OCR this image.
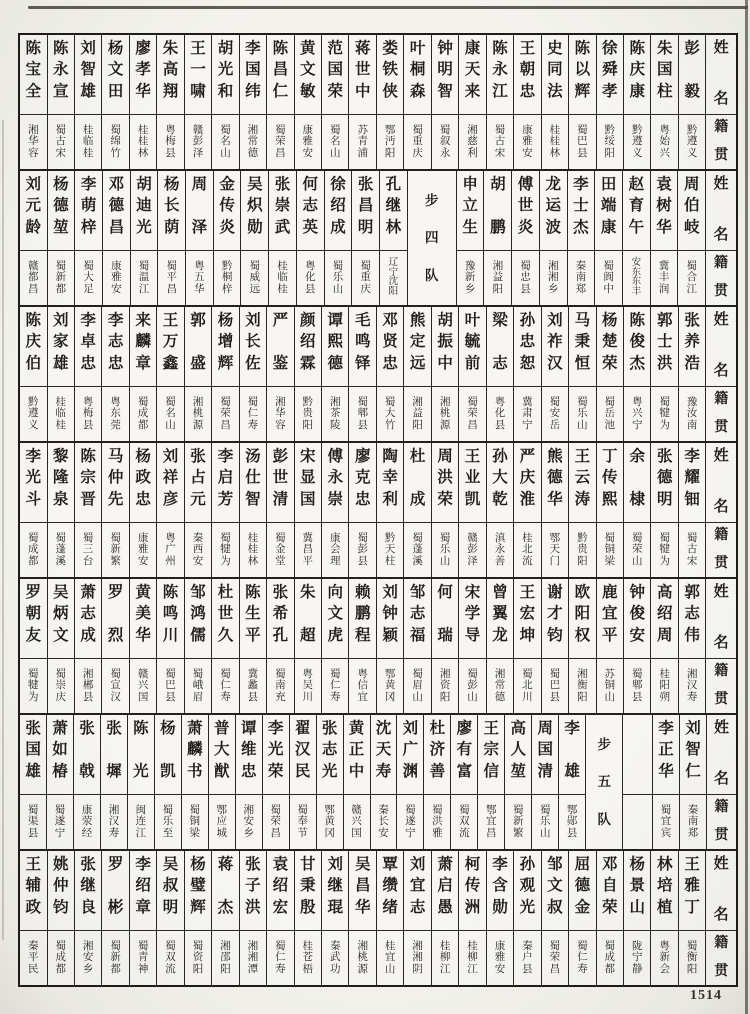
姓
名
籍
贯
彭
毅
黔
遵
义
朱
国
柱
粤
始
兴
陈
庆
康
黔
遵
义
徐
舜
孝
黔
绥
阳
陈
以
辉
蜀
巴
县
史
同
法
桂
桂
林
王
朝
忠
康
雅
安
陈
永
江
蜀
古
宋
康
天
来
湘
慈
利
钟
明
智
蜀
叙
永
叶
桐
森
蜀
重
庆
娄
铁
侠
鄂
沔
阳
蒋
世
中
苏
青
浦
范
国
荣
蜀
名
山
黄
文
敏
康
雅
安
陈
昌
仁
蜀
荣
昌
李
国
纬
湘
常
德
胡
光
和
蜀
名
山
王
一
啸
赣
彭
泽
朱
高
翔
粤
梅
县
廖
孝
华
桂
桂
林
杨
文
田
蜀
绵
竹
刘
智
雄
桂
临
桂
陈
永
宣
蜀
古
宋
陈
宝
全
湘
华
容
姓
名
籍
贯
周
伯
岐
蜀
合
江
袁
树
华
冀
丰
润
赵
育
午
安
东
东
丰
田
端
康
蜀
阆
中
李
士
杰
秦
南
郑
龙
运
波
湘
湘
乡
傅
世
炎
蜀
忠
县
胡
鹏
湘
益
阳
申
立
生
豫
新
乡
步
四
队
孔
继
林
辽
宁
沈
阳
张
昌
明
蜀
重
庆
徐
绍
成
蜀
乐
山
何
志
英
粤
化
县
张
崇
武
桂
临
桂
吴
炽
勋
蜀
威
远
金
传
炎
黔
桐
梓
周
泽
粤
五
华
杨
长
荫
蜀
平
昌
胡
迪
光
蜀
温
江
邓
德
昌
康
雅
安
李
萌
梓
蜀
大
足
杨
德
堃
蜀
新
都
刘
元
龄
赣
都
昌
姓
名
籍
贯
张
养
浩
豫
汝
南
郭
士
洪
蜀
犍
为
陈
俊
杰
粤
兴
宁
杨
楚
荣
蜀
岳
池
马
秉
恒
蜀
乐
山
刘
祚
汉
蜀
安
岳
孙
忠
恕
冀
肃
宁
梁
志
粤
化
县
叶
毓
前
蜀
荣
昌
胡
振
中
湘
桃
源
熊
定
远
湘
益
阳
邓
贤
忠
蜀
大
竹
毛
鸣
铎
蜀
郫
县
谭
熙
德
湘
茶
陵
颜
绍
霖
黔
贵
阳
严
鉴
湘
华
容
刘
长
佐
蜀
仁
寿
杨
增
辉
蜀
荣
昌
郭
盛
湘
桃
源
王
万
鑫
蜀
名
山
来
麟
章
蜀
成
都
李
志
忠
粤
东
莞
李
卓
忠
粤
梅
县
刘
家
雄
桂
临
桂
陈
庆
伯
黔
遵
义
姓
名
籍
贯
李
耀
钿
蜀
古
宋
张
德
明
蜀
犍
为
余
棣
蜀
荣
山
丁
传
熙
蜀
铜
梁
王
云
涛
黔
贵
阳
熊
德
华
鄂
天
门
严
庆
淮
桂
北
流
孙
大
乾
滇
永
善
王
业
凯
赣
彭
泽
周
洪
荣
蜀
乐
山
杜
成
蜀
蓬
溪
陶
幸
利
黔
天
柱
廖
克
忠
蜀
彭
县
傅
永
崇
康
会
理
宋
显
国
冀
昌
平
彭
世
清
蜀
金
堂
汤
仕
智
桂
桂
林
李
启
芳
蜀
犍
为
张
占
元
秦
西
安
刘
祥
彦
粤
广
州
杨
政
忠
康
雅
安
马
仲
先
蜀
新
繁
陈
宗
晋
蜀
三
台
黎
隆
泉
蜀
蓬
溪
李
光
斗
蜀
成
都
姓
名
籍
贯
郭
志
伟
湘
汉
寿
高
绍
周
桂
阳
朔
钟
俊
安
蜀
郫
县
鹿
宜
平
苏
铜
山
欧
阳
权
湘
衡
阳
谢
才
钧
蜀
巴
县
王
宏
坤
蜀
北
川
曾
翼
龙
湘
常
德
宋
学
导
蜀
彭
山
何
瑞
湘
资
阳
邹
志
福
蜀
眉
山
刘
钟
颖
鄂
黄
冈
赖
鹏
程
粤
信
宜
向
文
虎
蜀
仁
寿
朱
超
粤
吴
川
张
希
孔
蜀
南
充
陈
生
平
冀
蠡
县
杜
世
久
蜀
仁
寿
邹
鸿
儒
蜀
峨
眉
陈
鸣
川
蜀
巴
县
黄
美
华
赣
兴
国
罗
烈
蜀
宣
汉
萧
志
成
湘
郴
县
吴
炳
文
蜀
崇
庆
罗
朝
友
蜀
犍
为
姓
名
籍
贯
刘
智
仁
秦
南
郑
李
正
华
蜀
宜
宾
步
五
队
李
雄
鄂
郧
县
周
国
清
蜀
乐
山
高
人
堃
蜀
新
繁
王
宗
信
鄂
宜
昌
廖
有
富
蜀
双
流
杜
济
善
蜀
洪
雅
刘
广
渊
蜀
遂
宁
沈
天
寿
秦
长
安
黄
正
中
赣
兴
国
张
志
光
鄂
黄
冈
翟
汉
民
蜀
奉
节
李
光
荣
蜀
荣
昌
谭
维
忠
湘
安
乡
普
大
猷
鄂
应
城
萧
麟
书
蜀
铜
梁
杨
凯
蜀
乐
至
陈
光
闽
连
江
张
墀
湘
汉
寿
张
戟
康
荥
经
萧
如
椿
蜀
遂
宁
张
国
雄
蜀
渠
县
姓
名
籍
贯
王
雅
丁
蜀
衡
阳
林
培
植
粤
新
会
杨
景
山
陇
宁
静
邓
自
荣
蜀
成
都
屈
德
金
蜀
仁
寿
邹
文
叔
蜀
荣
昌
孙
观
光
秦
户
县
李
含
勋
康
雅
安
柯
传
洲
桂
柳
江
萧
启
愚
桂
柳
江
刘
宜
志
湘
湘
阴
覃
缵
绪
桂
宜
山
吴
昌
华
湘
桃
源
刘
继
琨
秦
武
功
甘
秉
殷
桂
苍
梧
袁
绍
宏
蜀
仁
寿
张
子
洪
湘
湘
潭
蒋
杰
湘
邵
阳
杨
璧
辉
蜀
资
阳
吴
叔
明
蜀
双
流
李
绍
章
蜀
青
神
罗
彬
蜀
新
都
张
继
良
湘
安
乡
姚
仲
钧
蜀
成
都
王
辅
政
秦
平
民
1514
